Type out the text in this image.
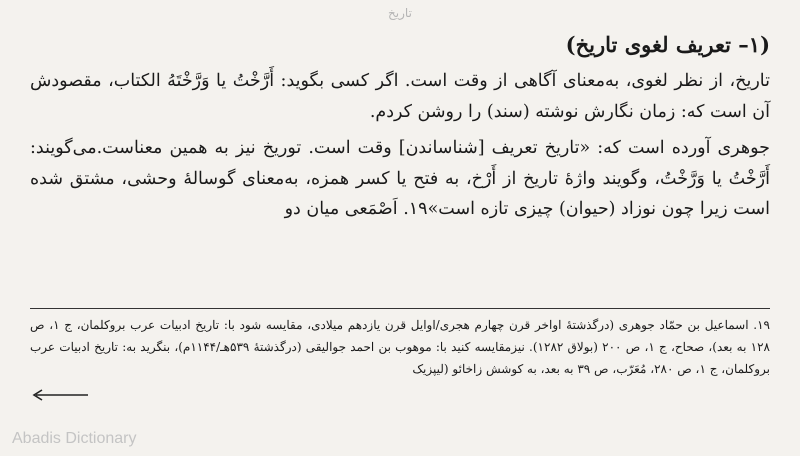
تاریخ
(۱– تعریف لغوی تاریخ)

تاریخ، از نظر لغوی، به‌معنای آگاهی از وقت است. اگر کسی بگوید: أَرَّخْتُ یا وَرَّخْتَهُ الکتاب، مقصودش آن است که: زمان نگارش نوشته (سند) را روشن کردم.

جوهری آورده است که: «تاریخ تعریف [شناساندن] وقت است. توریخ نیز به همین معناست.می‌گویند: أَرَّخْتُ یا وَرَّخْتُ، وگویند واژهٔ تاریخ از أَرْخ، به فتح یا کسر همزه، به‌معنای گوسالهٔ وحشی، مشتق شده است زیرا چون نوزاد (حیوان) چیزی تازه است»۱۹. اَصْمَعی میان دو

۱۹. اسماعیل بن حمّاد جوهری (درگذشتهٔ اواخر قرن چهارم هجری/اوایل قرن یازدهم میلادی، مقایسه شود با: تاریخ ادبیات عرب بروکلمان، ج ۱، ص ۱۲۸ به بعد)، صحاح، ج ۱، ص ۲۰۰ (بولاق ۱۲۸۲). نیزمقایسه کنید با: موهوب بن احمد جوالیقی (درگذشتهٔ ۵۳۹ه‍ـ/۱۱۴۴م)، بنگرید به: تاریخ ادبیات عرب بروکلمان، ج ۱، ص ۲۸۰، مُعَرّب، ص ۳۹ به بعد، به کوشش زاخائو (لیپزیک
Abadis Dictionary
